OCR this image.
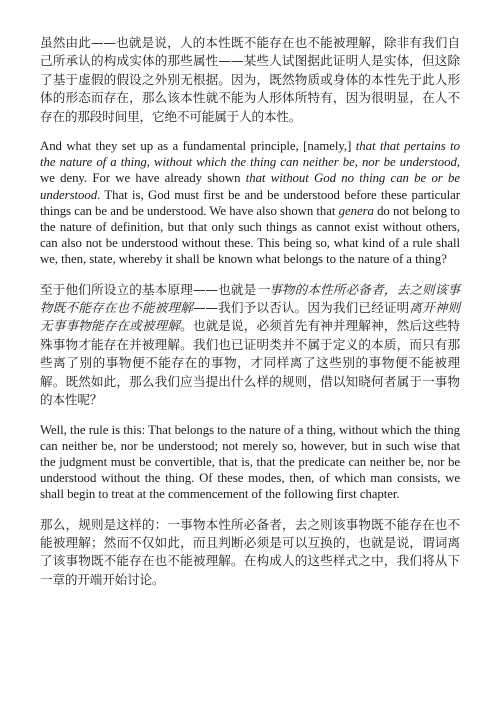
虽然由此——也就是说，人的本性既不能存在也不能被理解，除非有我们自己所承认的构成实体的那些属性——某些人试图据此证明人是实体，但这除了基于虚假的假设之外别无根据。因为，既然物质或身体的本性先于此人形体的形态而存在，那么该本性就不能为人形体所特有，因为很明显，在人不存在的那段时间里，它绝不可能属于人的本性。

And what they set up as a fundamental principle, [namely,] that that pertains to the nature of a thing, without which the thing can neither be, nor be understood, we deny. For we have already shown that without God no thing can be or be understood. That is, God must first be and be understood before these particular things can be and be understood. We have also shown that genera do not belong to the nature of definition, but that only such things as cannot exist without others, can also not be understood without these. This being so, what kind of a rule shall we, then, state, whereby it shall be known what belongs to the nature of a thing?

至于他们所设立的基本原理——也就是一事物的本性所必备者，去之则该事物既不能存在也不能被理解——我们予以否认。因为我们已经证明离开神则无事事物能存在或被理解。也就是说，必须首先有神并理解神，然后这些特殊事物才能存在并被理解。我们也已证明类并不属于定义的本质，而只有那些离了别的事物便不能存在的事物，才同样离了这些别的事物便不能被理解。既然如此，那么我们应当提出什么样的规则，借以知晓何者属于一事物的本性呢？

Well, the rule is this: That belongs to the nature of a thing, without which the thing can neither be, nor be understood; not merely so, however, but in such wise that the judgment must be convertible, that is, that the predicate can neither be, nor be understood without the thing. Of these modes, then, of which man consists, we shall begin to treat at the commencement of the following first chapter.

那么，规则是这样的：一事物本性所必备者，去之则该事物既不能存在也不能被理解；然而不仅如此，而且判断必须是可以互换的，也就是说，谓词离了该事物既不能存在也不能被理解。在构成人的这些样式之中，我们将从下一章的开端开始讨论。
